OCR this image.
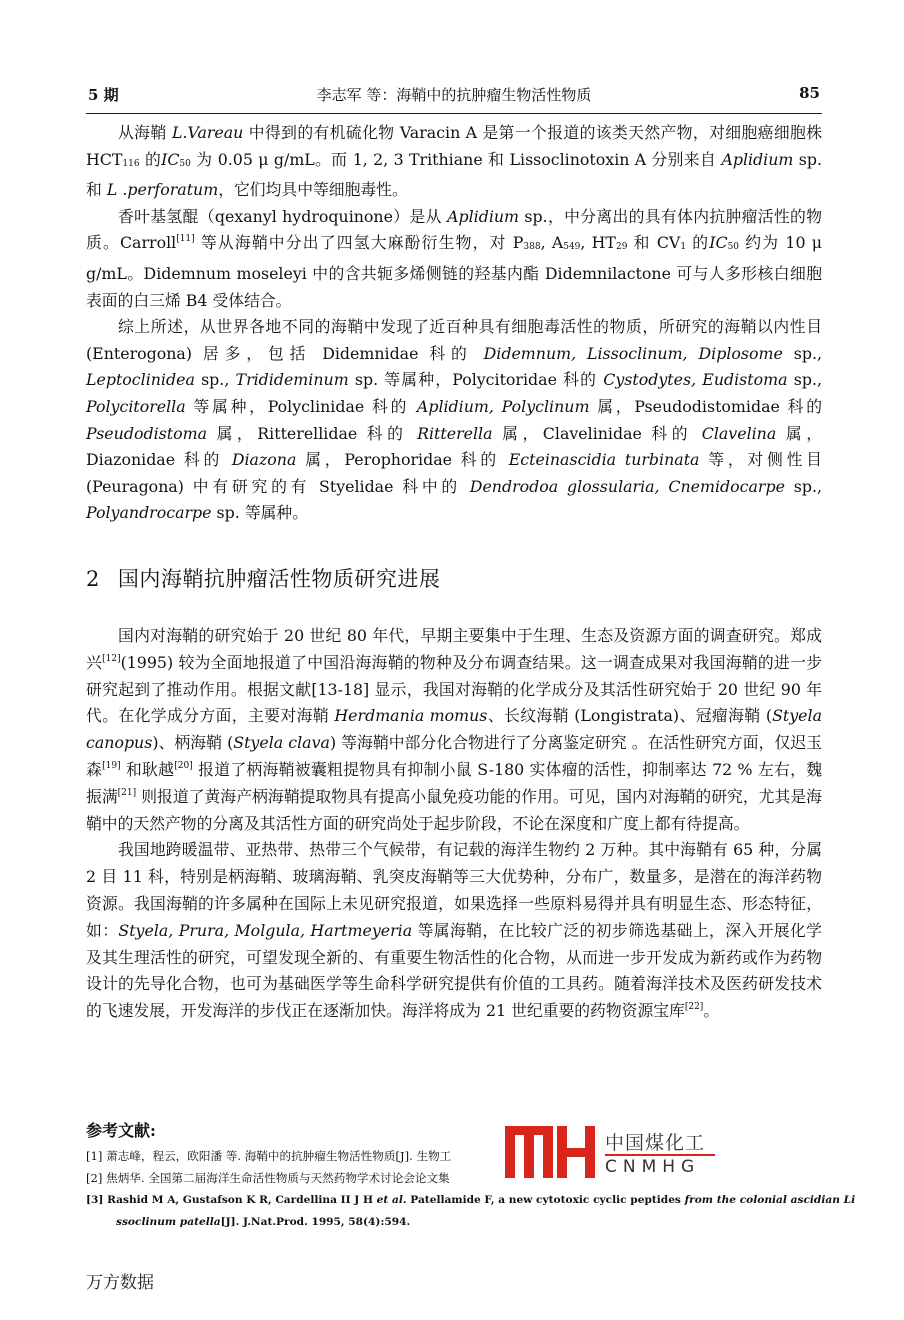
5 期	李志军 等：海鞘中的抗肿瘤生物活性物质	85

从海鞘 L.Vareau 中得到的有机硫化物 Varacin A 是第一个报道的该类天然产物，对细胞癌细胞株 $HCT_{116}$ 的$IC_{50}$ 为 0.05 μ g/mL。而 1, 2, 3 Trithiane 和 Lissoclinotoxin A 分别来自 Aplidium sp. 和 L .perforatum，它们均具中等细胞毒性。

香叶基氢醌（qexanyl hydroquinone）是从 Aplidium sp.，中分离出的具有体内抗肿瘤活性的物质。Carroll[11] 等从海鞘中分出了四氢大麻酚衍生物，对 $P_{388}$, $A_{549}$, $HT_{29}$ 和 $CV_1$ 的$IC_{50}$ 约为 10 μ g/mL。Didemnum moseleyi 中的含共轭多烯侧链的羟基内酯 Didemnilactone 可与人多形核白细胞表面的白三烯 B4 受体结合。

综上所述，从世界各地不同的海鞘中发现了近百种具有细胞毒活性的物质，所研究的海鞘以内性目 (Enterogona) 居多，包括 Didemnidae 科的 Didemnum, Lissoclinum, Diplosome sp., Leptoclinidea sp., Tridideminum sp. 等属种，Polycitoridae 科的 Cystodytes, Eudistoma sp., Polycitorella 等属种，Polyclinidae 科的 Aplidium, Polyclinum 属，Pseudodistomidae 科的 Pseudodistoma 属，Ritterellidae 科的 Ritterella 属，Clavelinidae 科的 Clavelina 属，Diazonidae 科的 Diazona 属，Perophoridae 科的 Ecteinascidia turbinata 等，对侧性目 (Peuragona) 中有研究的有 Styelidae 科中的 Dendrodoa glossularia, Cnemidocarpe sp., Polyandrocarpe sp. 等属种。

2 国内海鞘抗肿瘤活性物质研究进展

国内对海鞘的研究始于 20 世纪 80 年代，早期主要集中于生理、生态及资源方面的调查研究。郑成兴[12](1995) 较为全面地报道了中国沿海海鞘的物种及分布调查结果。这一调查成果对我国海鞘的进一步研究起到了推动作用。根据文献[13-18] 显示，我国对海鞘的化学成分及其活性研究始于 20 世纪 90 年代。在化学成分方面，主要对海鞘 Herdmania momus、长纹海鞘 (Longistrata)、冠瘤海鞘 (Styela canopus)、柄海鞘 (Styela clava) 等海鞘中部分化合物进行了分离鉴定研究 。在活性研究方面，仅迟玉森[19] 和耿越[20] 报道了柄海鞘被囊粗提物具有抑制小鼠 S-180 实体瘤的活性，抑制率达 72 % 左右，魏振满[21] 则报道了黄海产柄海鞘提取物具有提高小鼠免疫功能的作用。可见，国内对海鞘的研究，尤其是海鞘中的天然产物的分离及其活性方面的研究尚处于起步阶段，不论在深度和广度上都有待提高。

我国地跨暖温带、亚热带、热带三个气候带，有记载的海洋生物约 2 万种。其中海鞘有 65 种，分属 2 目 11 科，特别是柄海鞘、玻璃海鞘、乳突皮海鞘等三大优势种，分布广，数量多，是潜在的海洋药物资源。我国海鞘的许多属种在国际上未见研究报道，如果选择一些原料易得并具有明显生态、形态特征，如：Styela, Prura, Molgula, Hartmeyeria 等属海鞘，在比较广泛的初步筛选基础上，深入开展化学及其生理活性的研究，可望发现全新的、有重要生物活性的化合物，从而进一步开发成为新药或作为药物设计的先导化合物，也可为基础医学等生命科学研究提供有价值的工具药。随着海洋技术及医药研发技术的飞速发展，开发海洋的步伐正在逐渐加快。海洋将成为 21 世纪重要的药物资源宝库[22]。

参考文献:
[1] 萧志峰，程云，欧阳潘 等. 海鞘中的抗肿瘤生物活性物质[J]. 生物工
[2] 焦炳华. 全国第二届海洋生命活性物质与天然药物学术讨论会论文集
[3] Rashid M A, Gustafson K R, Cardellina II J H et al. Patellamide F, a new cytotoxic cyclic peptides from the colonial ascidian Li
ssoclinum patella[J]. J.Nat.Prod. 1995, 58(4):594.
中国煤化工
CNMHG
万方数据
